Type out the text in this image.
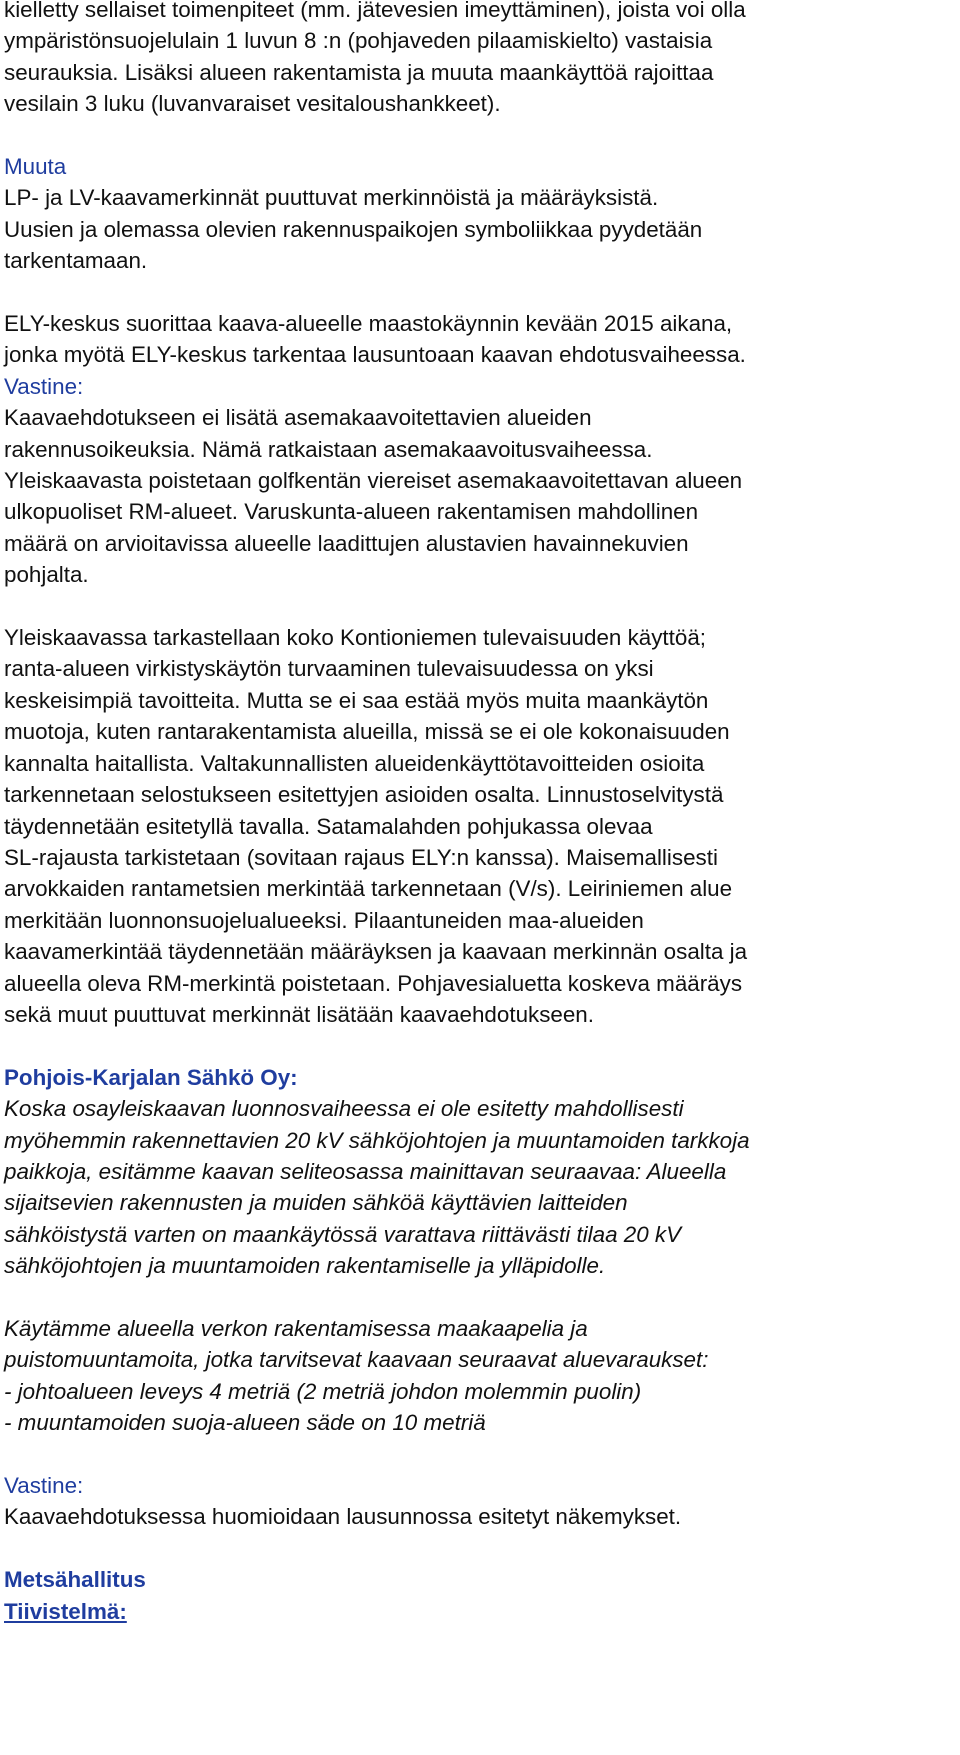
kielletty sellaiset toimenpiteet (mm. jätevesien imeyttäminen), joista voi olla
ympäristönsuojelulain 1 luvun 8 :n (pohjaveden pilaamiskielto) vastaisia
seurauksia. Lisäksi alueen rakentamista ja muuta maankäyttöä rajoittaa
vesilain 3 luku (luvanvaraiset vesitaloushankkeet).
Muuta
LP- ja LV-kaavamerkinnät puuttuvat merkinnöistä ja määräyksistä.
Uusien ja olemassa olevien rakennuspaikojen symboliikkaa pyydetään
tarkentamaan.
ELY-keskus suorittaa kaava-alueelle maastokäynnin kevään 2015 aikana,
jonka myötä ELY-keskus tarkentaa lausuntoaan kaavan ehdotusvaiheessa.
Vastine:
Kaavaehdotukseen ei lisätä asemakaavoitettavien alueiden
rakennusoikeuksia. Nämä ratkaistaan asemakaavoitusvaiheessa.
Yleiskaavasta poistetaan golfkentän viereiset asemakaavoitettavan alueen
ulkopuoliset RM-alueet. Varuskunta-alueen rakentamisen mahdollinen
määrä on arvioitavissa alueelle laadittujen alustavien havainnekuvien
pohjalta.
Yleiskaavassa tarkastellaan koko Kontioniemen tulevaisuuden käyttöä;
ranta-alueen virkistyskäytön turvaaminen tulevaisuudessa on yksi
keskeisimpiä tavoitteita. Mutta se ei saa estää myös muita maankäytön
muotoja, kuten rantarakentamista alueilla, missä se ei ole kokonaisuuden
kannalta haitallista. Valtakunnallisten alueidenkäyttötavoitteiden osioita
tarkennetaan selostukseen esitettyjen asioiden osalta. Linnustoselvitystä
täydennetään esitetyllä tavalla. Satamalahden pohjukassa olevaa
SL-rajausta tarkistetaan (sovitaan rajaus ELY:n kanssa). Maisemallisesti
arvokkaiden rantametsien merkintää tarkennetaan (V/s). Leiriniemen alue
merkitään luonnonsuojelualueeksi. Pilaantuneiden maa-alueiden
kaavamerkintää täydennetään määräyksen ja kaavaan merkinnän osalta ja
alueella oleva RM-merkintä poistetaan. Pohjavesialuetta koskeva määräys
sekä muut puuttuvat merkinnät lisätään kaavaehdotukseen.
Pohjois-Karjalan Sähkö Oy:
Koska osayleiskaavan luonnosvaiheessa ei ole esitetty mahdollisesti
myöhemmin rakennettavien 20 kV sähköjohtojen ja muuntamoiden tarkkoja
paikkoja, esitämme kaavan seliteosassa mainittavan seuraavaa: Alueella
sijaitsevien rakennusten ja muiden sähköä käyttävien laitteiden
sähköistystä varten on maankäytössä varattava riittävästi tilaa 20 kV
sähköjohtojen ja muuntamoiden rakentamiselle ja ylläpidolle.
Käytämme alueella verkon rakentamisessa maakaapelia ja
puistomuuntamoita, jotka tarvitsevat kaavaan seuraavat aluevaraukset:
- johtoalueen leveys 4 metriä (2 metriä johdon molemmin puolin)
- muuntamoiden suoja-alueen säde on 10 metriä
Vastine:
Kaavaehdotuksessa huomioidaan lausunnossa esitetyt näkemykset.
Metsähallitus
Tiivistelmä:
